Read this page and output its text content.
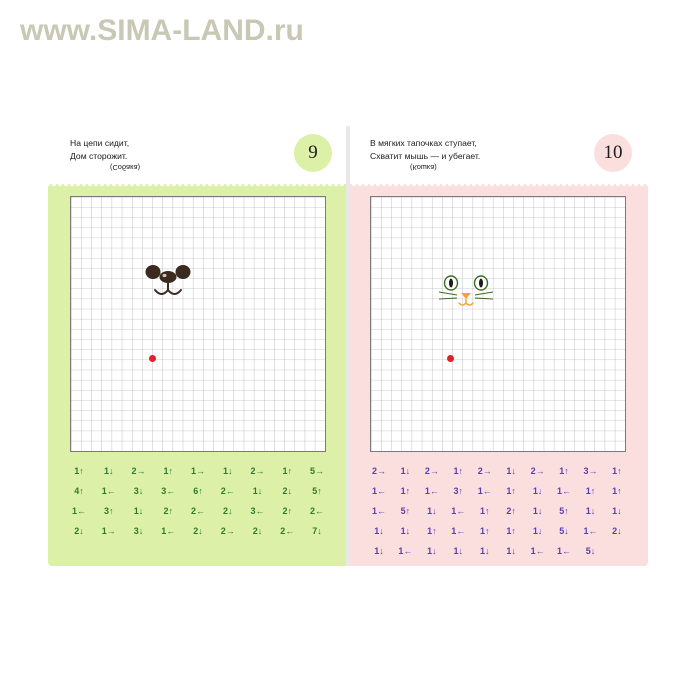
www.SIMA-LAND.ru
На цепи сидит,
Дом сторожит.
(Собака)
9
1↑	1↓	2→	1↑	1→	1↓	2→	1↑	5→
4↑	1←	3↓	3←	6↑	2←	1↓	2↓	5↑
1←	3↑	1↓	2↑	2←	2↓	3←	2↑	2←
2↓	1→	3↓	1←	2↓	2→	2↓	2←	7↓
В мягких тапочках ступает,
Схватит мышь — и убегает.
(Кошка)
10
2→	1↓	2→	1↑	2→	1↓	2→	1↑	3→	1↑
1←	1↑	1←	3↑	1←	1↑	1↓	1←	1↑	1↑
1←	5↑	1↓	1←	1↑	2↑	1↓	5↑	1↓	1↓
1↓	1↓	1↑	1←	1↑	1↑	1↓	5↓	1←	2↓
1↓	1←	1↓	1↓	1↓	1↓	1←	1←	5↓
